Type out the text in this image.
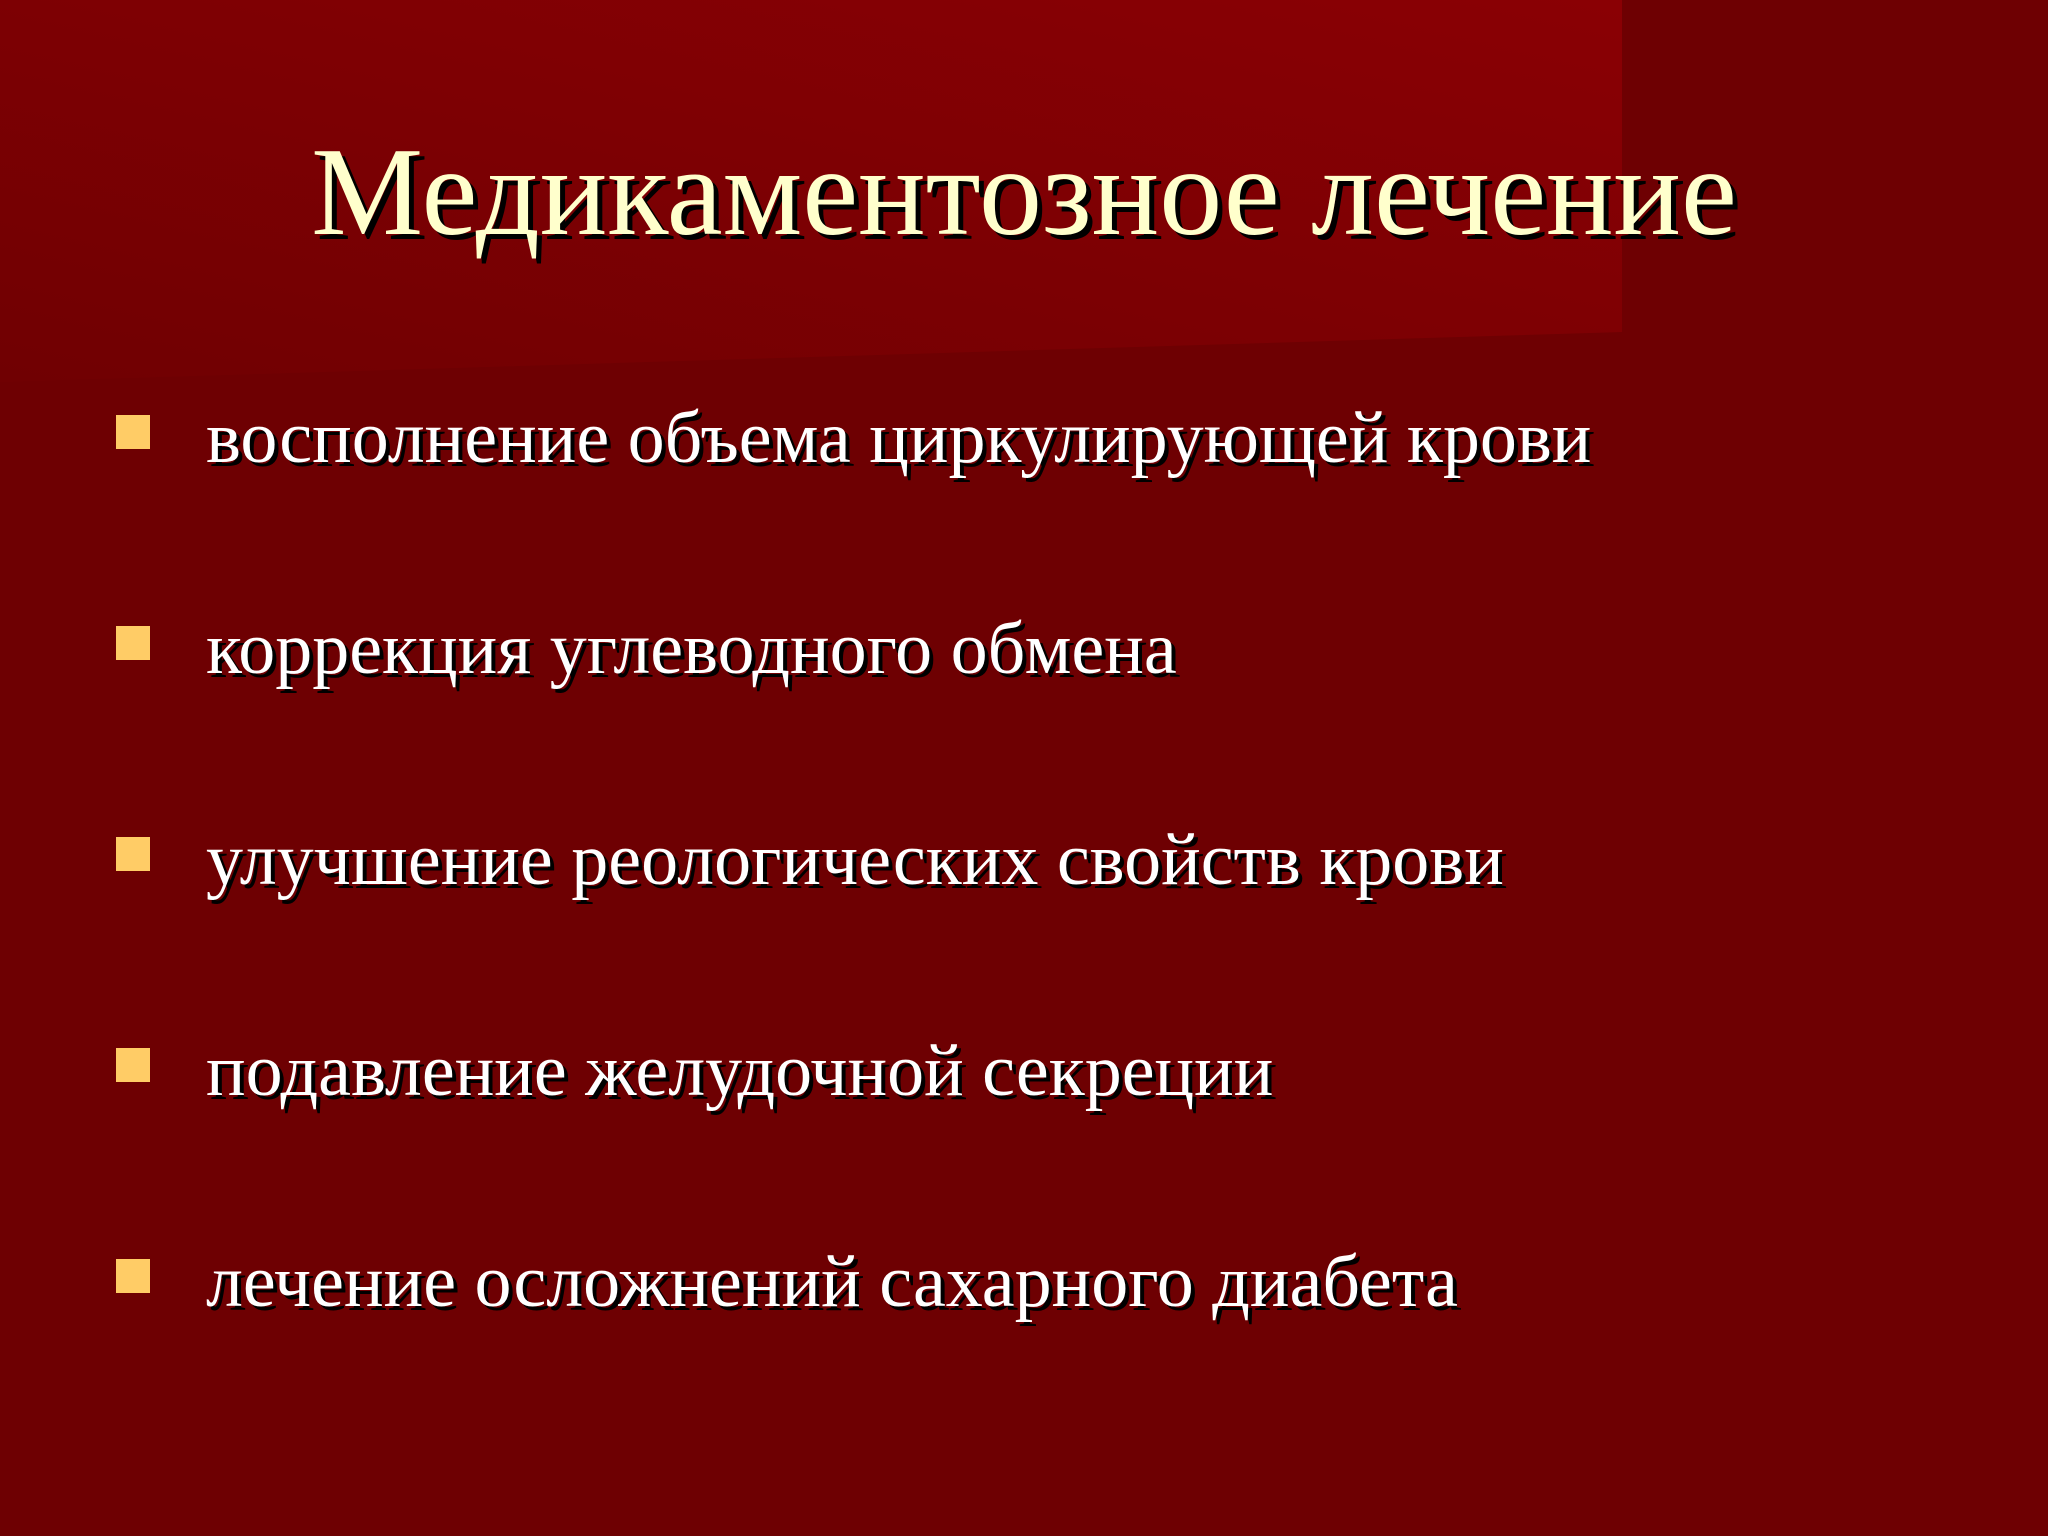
Медикаментозное лечение
восполнение объема циркулирующей крови
коррекция углеводного обмена
улучшение реологических свойств крови
подавление желудочной секреции
лечение осложнений сахарного диабета
